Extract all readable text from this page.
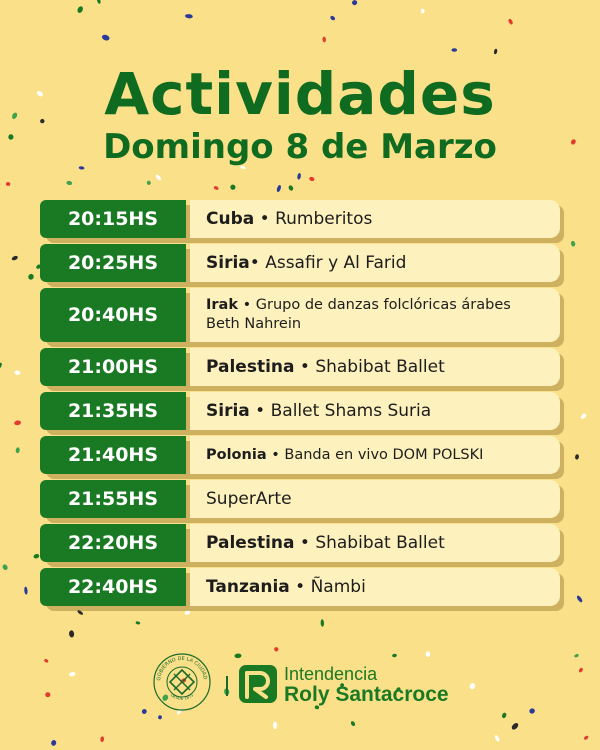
Actividades
Domingo 8 de Marzo
20:15HS	Cuba • Rumberitos
20:25HS	Siria• Assafir y Al Farid
20:40HS	Irak • Grupo de danzas folclóricas árabes Beth Nahrein
21:00HS	Palestina • Shabibat Ballet
21:35HS	Siria • Ballet Shams Suria
21:40HS	Polonia • Banda en vivo DOM POLSKI
21:55HS	SuperArte
22:20HS	Palestina • Shabibat Ballet
22:40HS	Tanzania • Ñambi
GOBIERNO DE LA CIUDAD
DESDE 1875
Intendencia
Roly Santacroce
